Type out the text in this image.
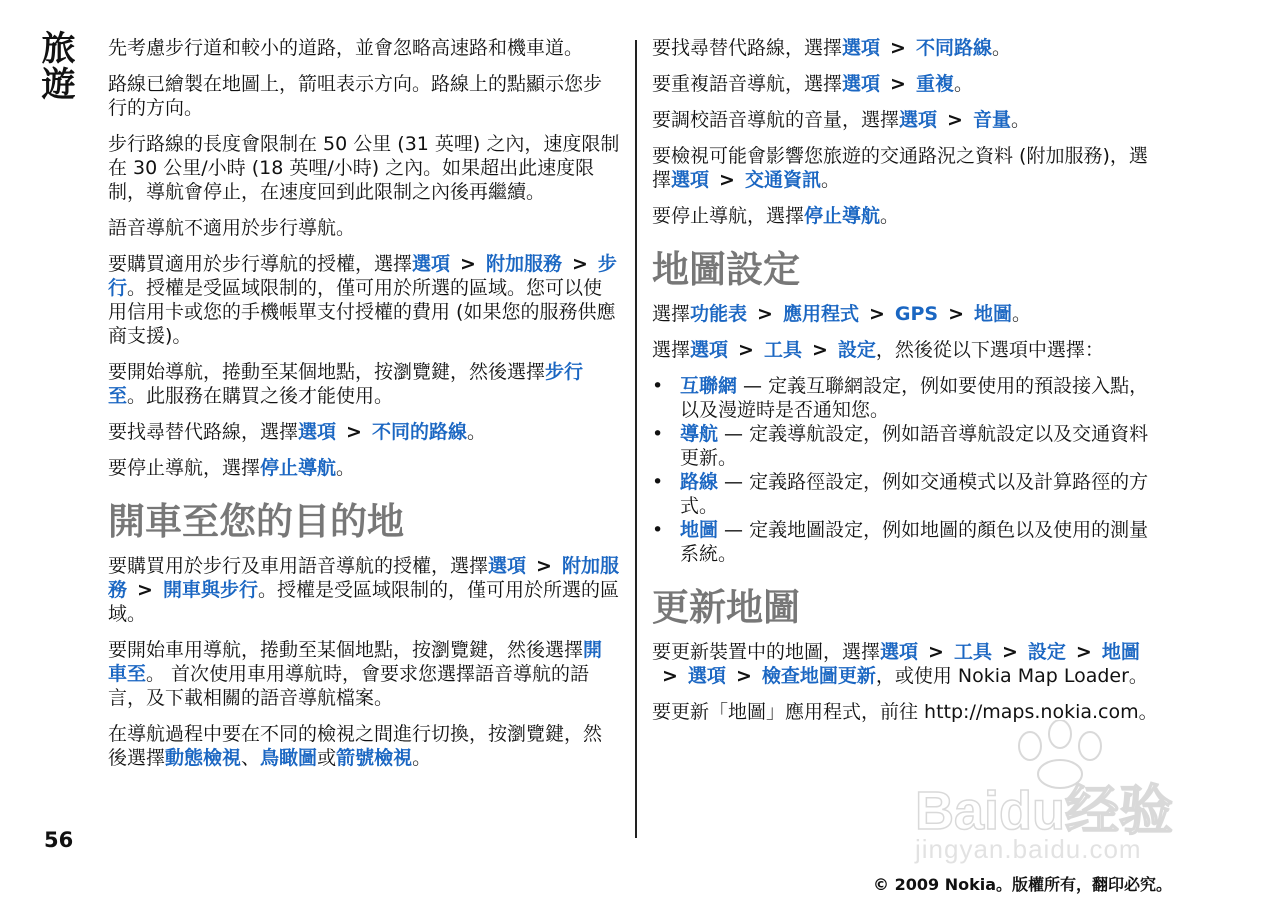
旅遊 先考慮步行道和較小的道路，並會忽略高速路和機車道。

路線已繪製在地圖上，箭咀表示方向。路線上的點顯示您步行的方向。

步行路線的長度會限制在 50 公里 (31 英哩) 之內，速度限制在 30 公里/小時 (18 英哩/小時) 之內。如果超出此速度限制，導航會停止，在速度回到此限制之內後再繼續。

語音導航不適用於步行導航。

要購買適用於步行導航的授權，選擇選項 > 附加服務 > 步行。授權是受區域限制的，僅可用於所選的區域。您可以使用信用卡或您的手機帳單支付授權的費用 (如果您的服務供應商支援)。

要開始導航，捲動至某個地點，按瀏覽鍵，然後選擇步行至。此服務在購買之後才能使用。

要找尋替代路線，選擇選項 > 不同的路線。

要停止導航，選擇停止導航。

開車至您的目的地

要購買用於步行及車用語音導航的授權，選擇選項 > 附加服務 > 開車與步行。授權是受區域限制的，僅可用於所選的區域。

要開始車用導航，捲動至某個地點，按瀏覽鍵，然後選擇開車至。 首次使用車用導航時，會要求您選擇語音導航的語言，及下載相關的語音導航檔案。

在導航過程中要在不同的檢視之間進行切換，按瀏覽鍵，然後選擇動態檢視、鳥瞰圖或箭號檢視。

要找尋替代路線，選擇選項 > 不同路線。

要重複語音導航，選擇選項 > 重複。

要調校語音導航的音量，選擇選項 > 音量。

要檢視可能會影響您旅遊的交通路況之資料 (附加服務)，選擇選項 > 交通資訊。

要停止導航，選擇停止導航。

地圖設定

選擇功能表 > 應用程式 > GPS > 地圖。

選擇選項 > 工具 > 設定，然後從以下選項中選擇：

• 互聯網 — 定義互聯網設定，例如要使用的預設接入點，以及漫遊時是否通知您。
• 導航 — 定義導航設定，例如語音導航設定以及交通資料更新。
• 路線 — 定義路徑設定，例如交通模式以及計算路徑的方式。
• 地圖 — 定義地圖設定，例如地圖的顏色以及使用的測量系統。
更新地圖

要更新裝置中的地圖，選擇選項 > 工具 > 設定 > 地圖> 選項 > 檢查地圖更新，或使用 Nokia Map Loader。

要更新「地圖」應用程式，前往 http://maps.nokia.com。

56	Baidu经验
jingyan.baidu.com
© 2009 Nokia。版權所有，翻印必究。
